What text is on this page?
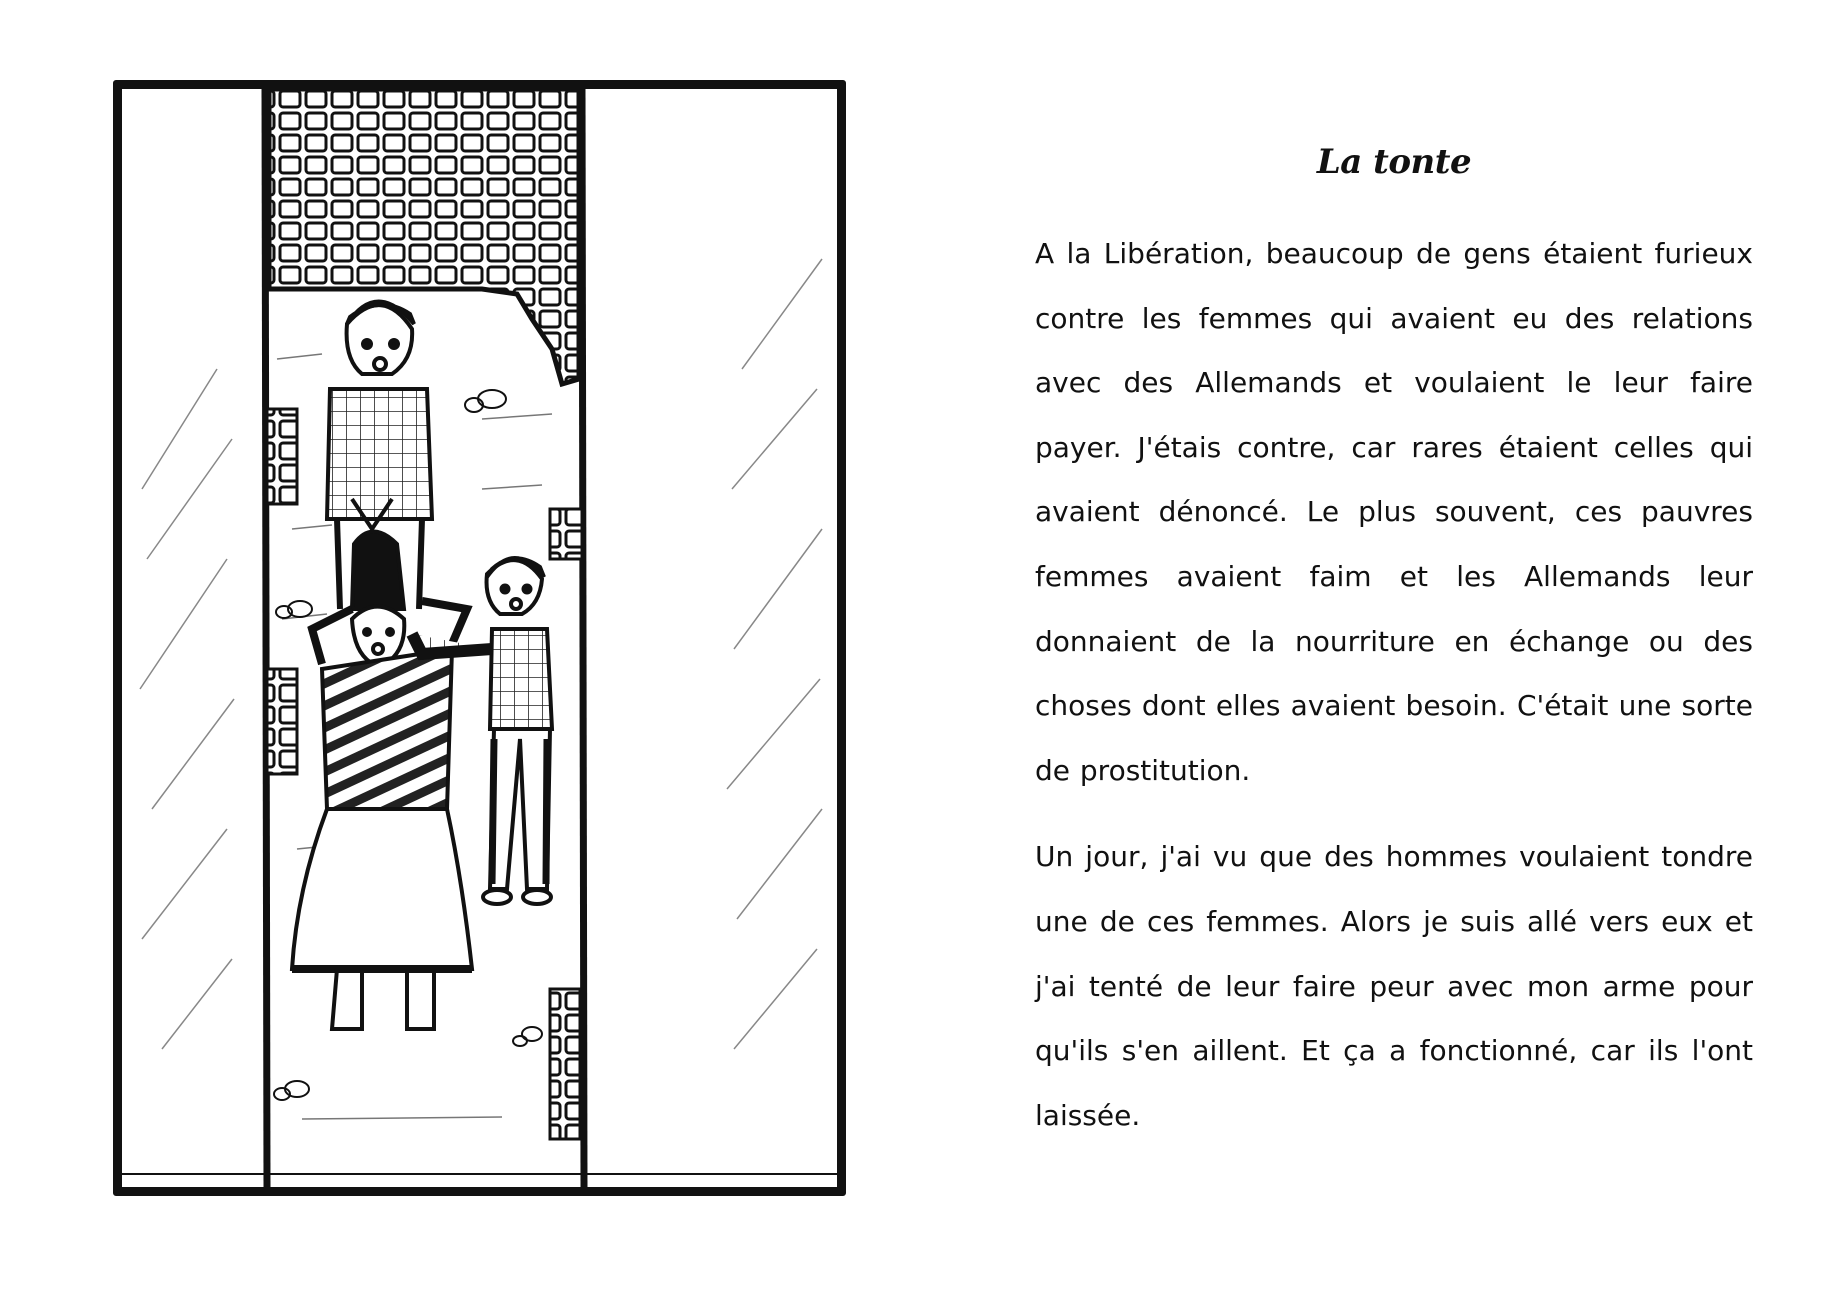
La tonte

A la Libération, beaucoup de gens étaient furieux contre les femmes qui avaient eu des relations avec des Allemands et voulaient le leur faire payer. J'étais contre, car rares étaient celles qui avaient dénoncé. Le plus souvent, ces pauvres femmes avaient faim et les Allemands leur donnaient de la nourriture en échange ou des choses dont elles avaient besoin. C'était une sorte de prostitution.

Un jour, j'ai vu que des hommes voulaient tondre une de ces femmes. Alors je suis allé vers eux et j'ai tenté de leur faire peur avec mon arme pour qu'ils s'en aillent. Et ça a fonctionné, car ils l'ont laissée.
